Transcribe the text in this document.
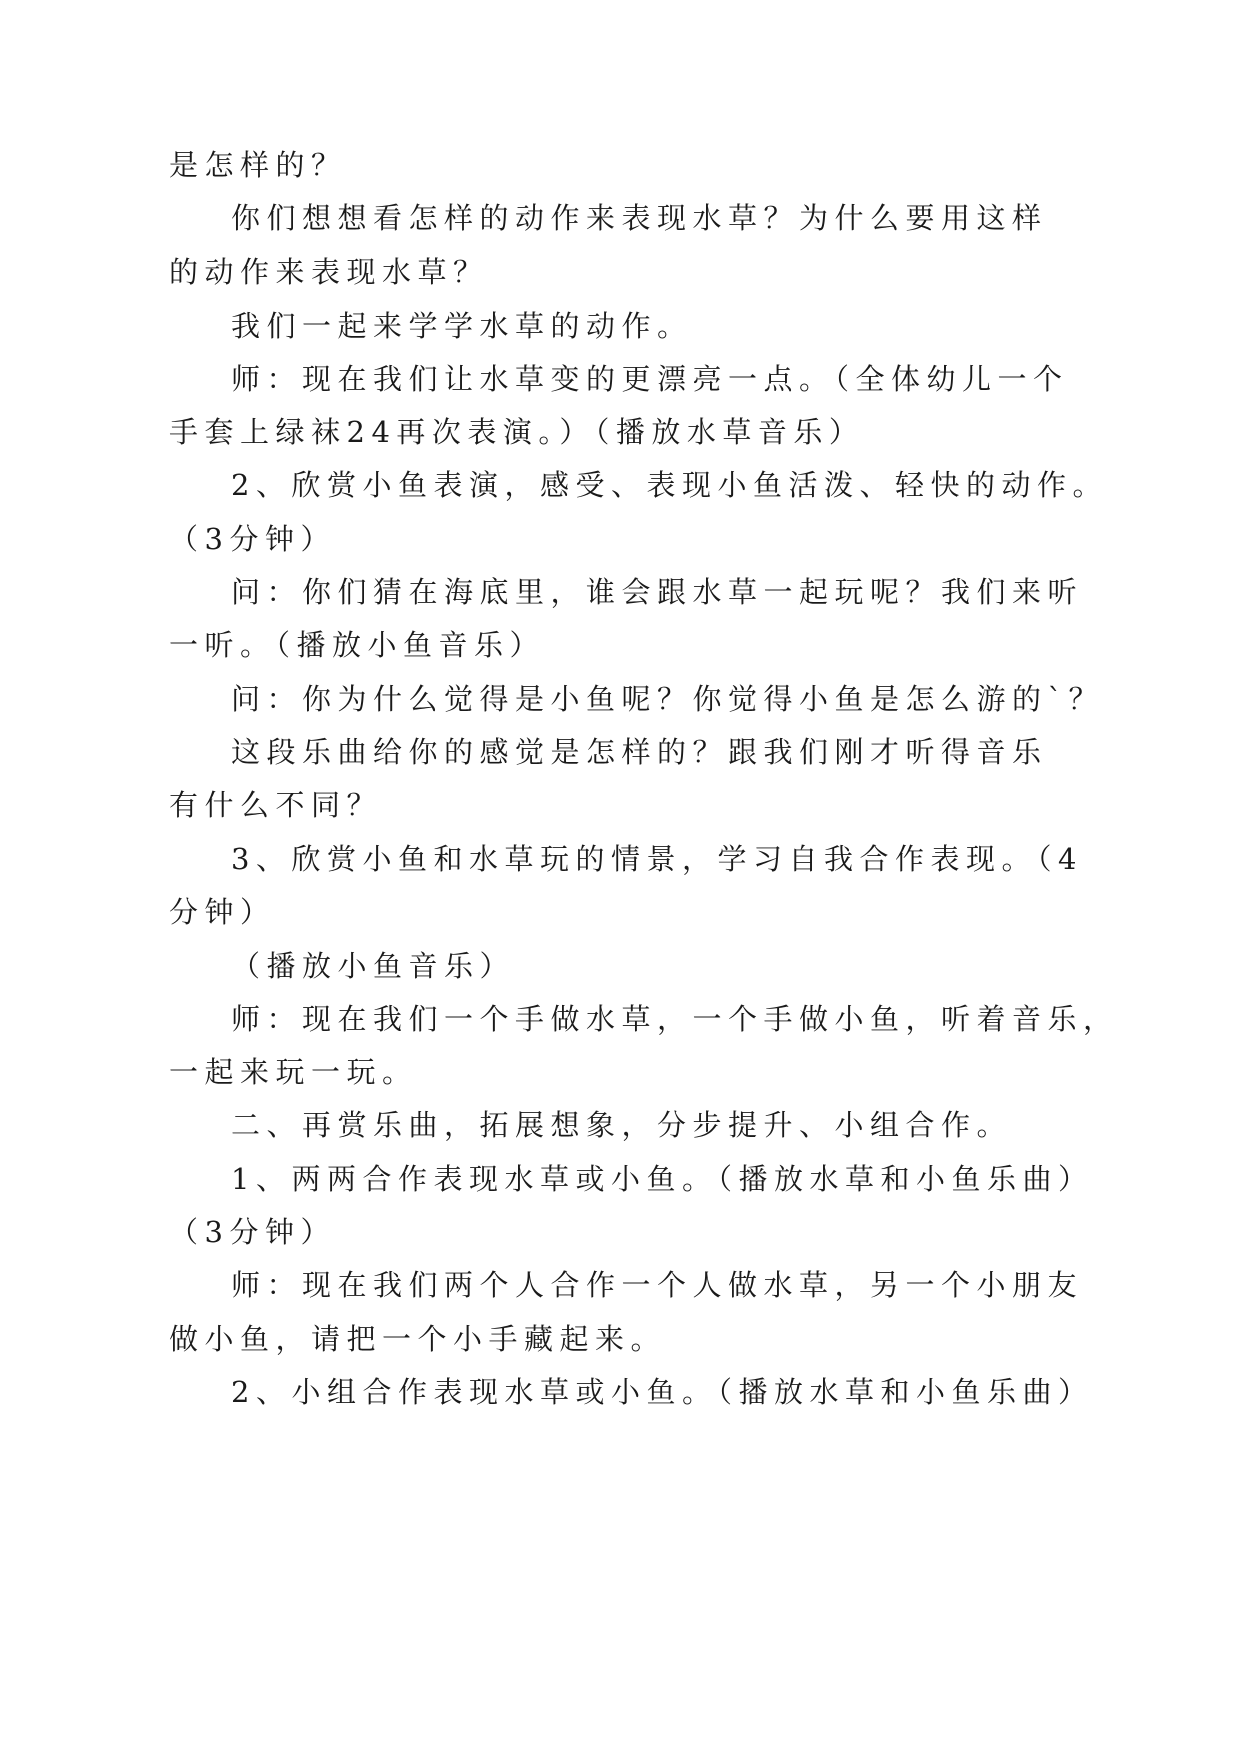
是怎样的？
你们想想看怎样的动作来表现水草？为什么要用这样
的动作来表现水草？
我们一起来学学水草的动作。
师：现在我们让水草变的更漂亮一点。（全体幼儿一个
手套上绿袜24再次表演。）（播放水草音乐）
2、欣赏小鱼表演，感受、表现小鱼活泼、轻快的动作。
（3分钟）
问：你们猜在海底里，谁会跟水草一起玩呢？我们来听
一听。（播放小鱼音乐）
问：你为什么觉得是小鱼呢？你觉得小鱼是怎么游的`？
这段乐曲给你的感觉是怎样的？跟我们刚才听得音乐
有什么不同？
3、欣赏小鱼和水草玩的情景，学习自我合作表现。（4
分钟）
（播放小鱼音乐）
师：现在我们一个手做水草，一个手做小鱼，听着音乐，
一起来玩一玩。
二、再赏乐曲，拓展想象，分步提升、小组合作。
1、两两合作表现水草或小鱼。（播放水草和小鱼乐曲）
（3分钟）
师：现在我们两个人合作一个人做水草，另一个小朋友
做小鱼，请把一个小手藏起来。
2、小组合作表现水草或小鱼。（播放水草和小鱼乐曲）
